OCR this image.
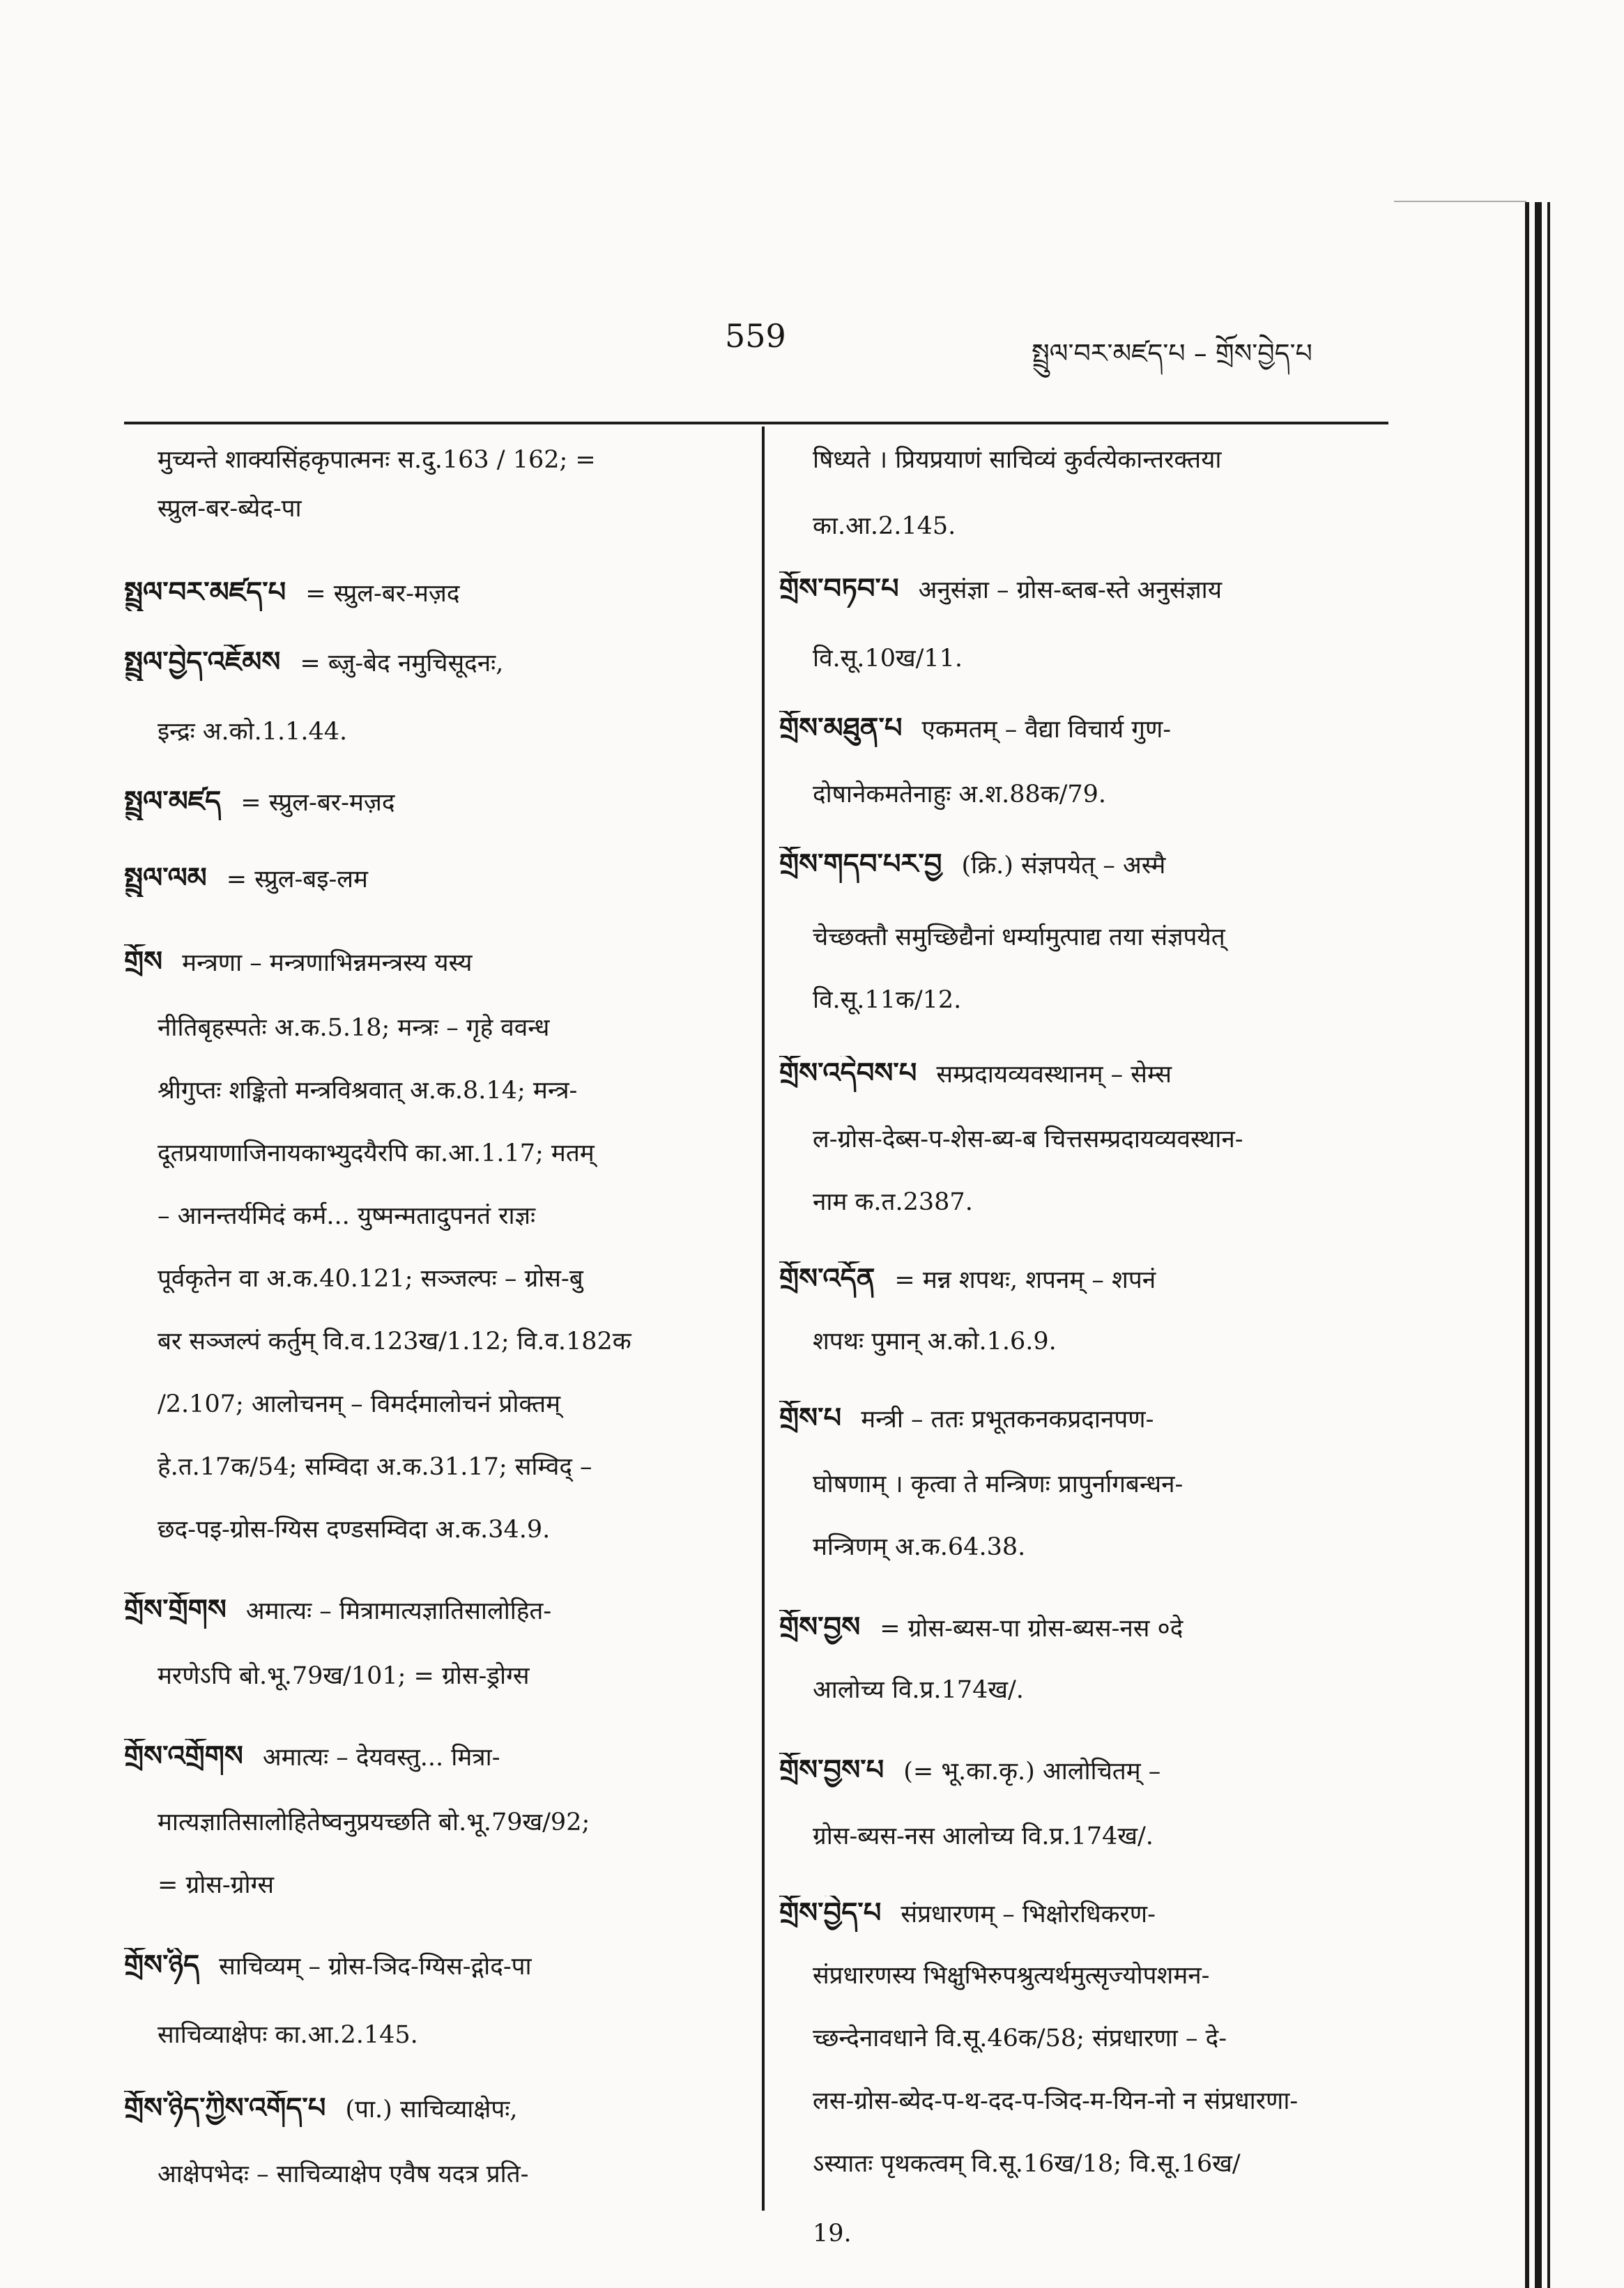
559	སྤྲུལ་བར་མཛད་པ – གྲོས་བྱེད་པ
मुच्यन्ते शाक्यसिंहकृपात्मनः स.दु.163 / 162; =
स्प्रुल-बर-ब्येद-पा
སྤྲུལ་བར་མཛད་པ = स्प्रुल-बर-मज़द
སྤྲུལ་བྱེད་འཇོམས = ब्ज़ु-बेद नमुचिसूदनः,
इन्द्रः अ.को.1.1.44.
སྤྲུལ་མཛད = स्प्रुल-बर-मज़द
སྤྲུལ་ལམ = स्प्रुल-बइ-लम
གྲོས मन्त्रणा – मन्त्रणाभिन्नमन्त्रस्य यस्य
नीतिबृहस्पतेः अ.क.5.18; मन्त्रः – गृहे ववन्ध
श्रीगुप्तः शङ्कितो मन्त्रविश्रवात् अ.क.8.14; मन्त्र-
दूतप्रयाणाजिनायकाभ्युदयैरपि का.आ.1.17; मतम्
– आनन्तर्यमिदं कर्म... युष्मन्मतादुपनतं राज्ञः
पूर्वकृतेन वा अ.क.40.121; सञ्जल्पः – ग्रोस-बु
बर सञ्जल्पं कर्तुम् वि.व.123ख/1.12; वि.व.182क
/2.107; आलोचनम् – विमर्दमालोचनं प्रोक्तम्
हे.त.17क/54; सम्विदा अ.क.31.17; सम्विद् –
छद-पइ-ग्रोस-ग्यिस दण्डसम्विदा अ.क.34.9.
གྲོས་གྲོགས अमात्यः – मित्रामात्यज्ञातिसालोहित-
मरणेऽपि बो.भू.79ख/101; = ग्रोस-ड्रोग्स
གྲོས་འགྲོགས अमात्यः – देयवस्तु... मित्रा-
मात्यज्ञातिसालोहितेष्वनुप्रयच्छति बो.भू.79ख/92;
= ग्रोस-ग्रोग्स
གྲོས་ཉིད साचिव्यम् – ग्रोस-ञिद-ग्यिस-द्गोद-पा
साचिव्याक्षेपः का.आ.2.145.
གྲོས་ཉིད་ཀྱིས་འགོད་པ (पा.) साचिव्याक्षेपः,
आक्षेपभेदः – साचिव्याक्षेप एवैष यदत्र प्रति-
षिध्यते । प्रियप्रयाणं साचिव्यं कुर्वत्येकान्तरक्तया
का.आ.2.145.
གྲོས་བཏབ་པ अनुसंज्ञा – ग्रोस-ब्तब-स्ते अनुसंज्ञाय
वि.सू.10ख/11.
གྲོས་མཐུན་པ एकमतम् – वैद्या विचार्य गुण-
दोषानेकमतेनाहुः अ.श.88क/79.
གྲོས་གདབ་པར་བྱ (क्रि.) संज्ञपयेत् – अस्मै
चेच्छक्तौ समुच्छिद्यैनां धर्म्यामुत्पाद्य तया संज्ञपयेत्
वि.सू.11क/12.
གྲོས་འདེབས་པ सम्प्रदायव्यवस्थानम् – सेम्स
ल-ग्रोस-देब्स-प-शेस-ब्य-ब चित्तसम्प्रदायव्यवस्थान-
नाम क.त.2387.
གྲོས་འདོན = मन्न शपथः, शपनम् – शपनं
शपथः पुमान् अ.को.1.6.9.
གྲོས་པ मन्त्री – ततः प्रभूतकनकप्रदानपण-
घोषणाम् । कृत्वा ते मन्त्रिणः प्रापुर्नागबन्धन-
मन्त्रिणम् अ.क.64.38.
གྲོས་བྱས = ग्रोस-ब्यस-पा ग्रोस-ब्यस-नस ०दे
आलोच्य वि.प्र.174ख/.
གྲོས་བྱས་པ (= भू.का.कृ.) आलोचितम् –
ग्रोस-ब्यस-नस आलोच्य वि.प्र.174ख/.
གྲོས་བྱེད་པ संप्रधारणम् – भिक्षोरधिकरण-
संप्रधारणस्य भिक्षुभिरुपश्रुत्यर्थमुत्सृज्योपशमन-
च्छन्देनावधाने वि.सू.46क/58; संप्रधारणा – दे-
लस-ग्रोस-ब्येद-प-थ-दद-प-ञिद-म-यिन-नो न संप्रधारणा-
ऽस्यातः पृथकत्वम् वि.सू.16ख/18; वि.सू.16ख/
19.
